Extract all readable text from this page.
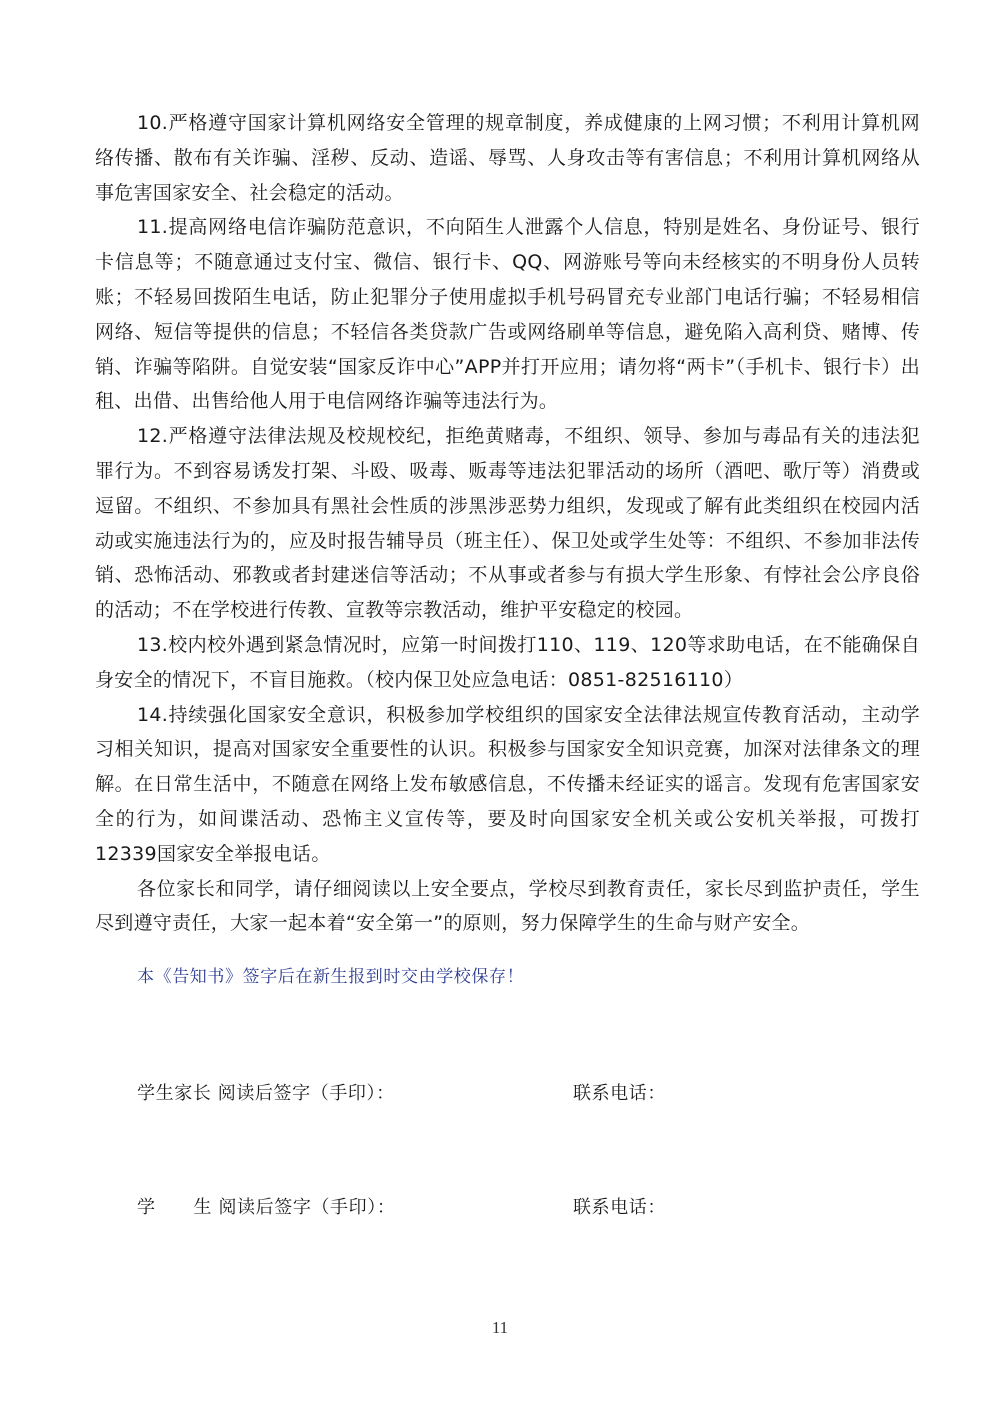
10.严格遵守国家计算机网络安全管理的规章制度，养成健康的上网习惯；不利用计算机网络传播、散布有关诈骗、淫秽、反动、造谣、辱骂、人身攻击等有害信息；不利用计算机网络从事危害国家安全、社会稳定的活动。

11.提高网络电信诈骗防范意识，不向陌生人泄露个人信息，特别是姓名、身份证号、银行卡信息等；不随意通过支付宝、微信、银行卡、QQ、网游账号等向未经核实的不明身份人员转账；不轻易回拨陌生电话，防止犯罪分子使用虚拟手机号码冒充专业部门电话行骗；不轻易相信网络、短信等提供的信息；不轻信各类贷款广告或网络刷单等信息，避免陷入高利贷、赌博、传销、诈骗等陷阱。自觉安装“国家反诈中心”APP并打开应用；请勿将“两卡”（手机卡、银行卡）出租、出借、出售给他人用于电信网络诈骗等违法行为。

12.严格遵守法律法规及校规校纪，拒绝黄赌毒，不组织、领导、参加与毒品有关的违法犯罪行为。不到容易诱发打架、斗殴、吸毒、贩毒等违法犯罪活动的场所（酒吧、歌厅等）消费或逗留。不组织、不参加具有黑社会性质的涉黑涉恶势力组织，发现或了解有此类组织在校园内活动或实施违法行为的，应及时报告辅导员（班主任）、保卫处或学生处等：不组织、不参加非法传销、恐怖活动、邪教或者封建迷信等活动；不从事或者参与有损大学生形象、有悖社会公序良俗的活动；不在学校进行传教、宣教等宗教活动，维护平安稳定的校园。

13.校内校外遇到紧急情况时，应第一时间拨打110、119、120等求助电话，在不能确保自身安全的情况下，不盲目施救。（校内保卫处应急电话：0851-82516110）

14.持续强化国家安全意识，积极参加学校组织的国家安全法律法规宣传教育活动，主动学习相关知识，提高对国家安全重要性的认识。积极参与国家安全知识竞赛，加深对法律条文的理解。在日常生活中，不随意在网络上发布敏感信息，不传播未经证实的谣言。发现有危害国家安全的行为，如间谍活动、恐怖主义宣传等，要及时向国家安全机关或公安机关举报，可拨打12339国家安全举报电话。

各位家长和同学，请仔细阅读以上安全要点，学校尽到教育责任，家长尽到监护责任，学生尽到遵守责任，大家一起本着“安全第一”的原则，努力保障学生的生命与财产安全。

本《告知书》签字后在新生报到时交由学校保存！

学生家长 阅读后签字（手印）：	联系电话：
学      生 阅读后签字（手印）：	联系电话：

11
